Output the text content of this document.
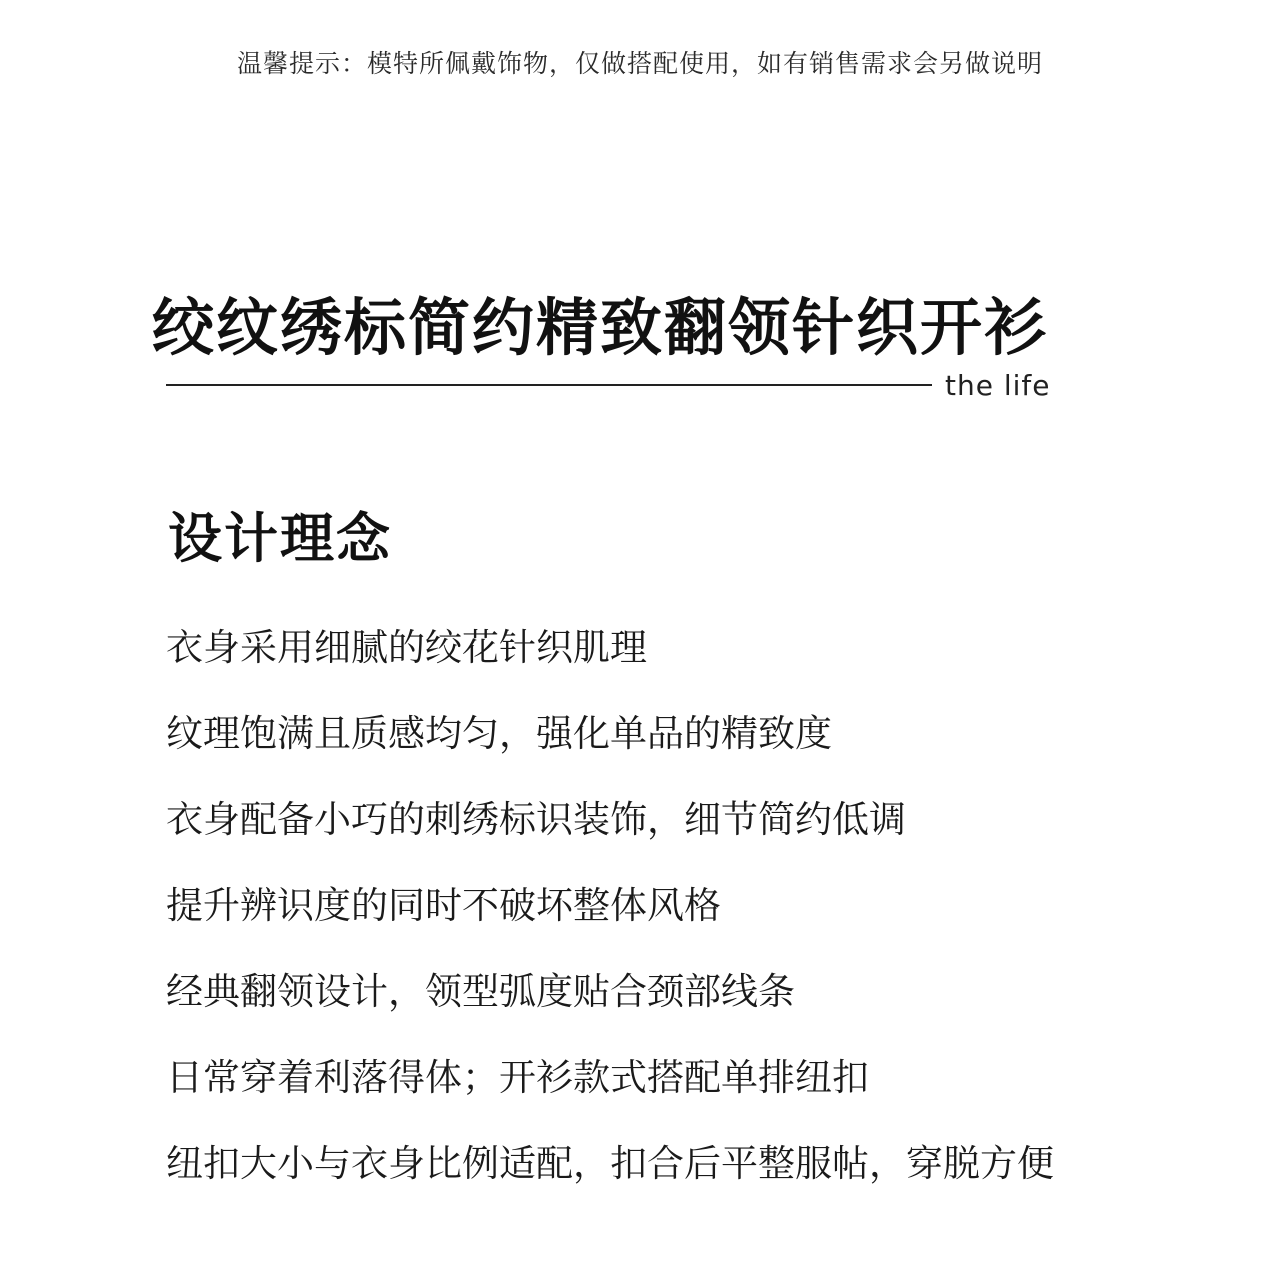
温馨提示：模特所佩戴饰物，仅做搭配使用，如有销售需求会另做说明
绞纹绣标简约精致翻领针织开衫
the life
设计理念
衣身采用细腻的绞花针织肌理
纹理饱满且质感均匀，强化单品的精致度
衣身配备小巧的刺绣标识装饰，细节简约低调
提升辨识度的同时不破坏整体风格
经典翻领设计，领型弧度贴合颈部线条
日常穿着利落得体；开衫款式搭配单排纽扣
纽扣大小与衣身比例适配，扣合后平整服帖，穿脱方便
